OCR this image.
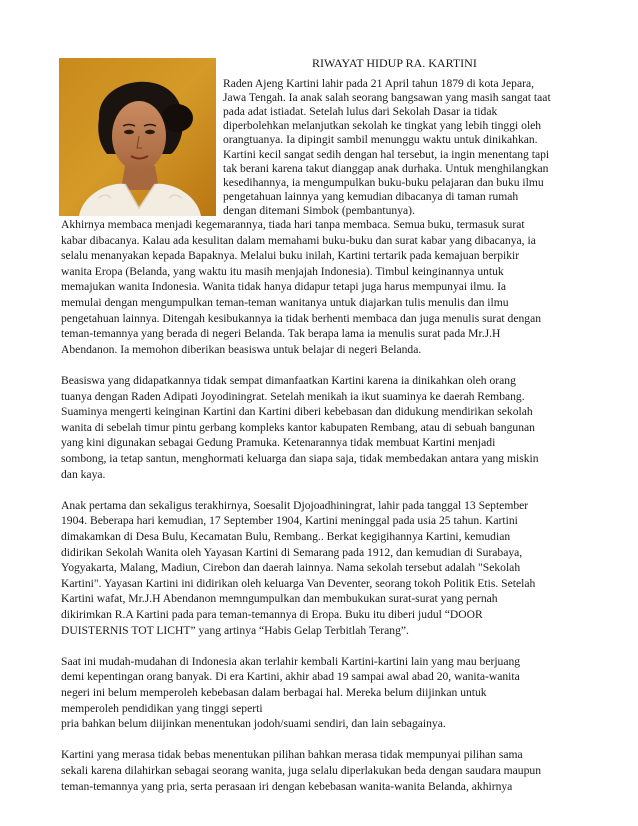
RIWAYAT HIDUP RA. KARTINI
Raden Ajeng Kartini lahir pada 21 April tahun 1879 di kota Jepara,
Jawa Tengah. Ia anak salah seorang bangsawan yang masih sangat taat
pada adat istiadat. Setelah lulus dari Sekolah Dasar ia tidak
diperbolehkan melanjutkan sekolah ke tingkat yang lebih tinggi oleh
orangtuanya. Ia dipingit sambil menunggu waktu untuk dinikahkan.
Kartini kecil sangat sedih dengan hal tersebut, ia ingin menentang tapi
tak berani karena takut dianggap anak durhaka. Untuk menghilangkan
kesedihannya, ia mengumpulkan buku-buku pelajaran dan buku ilmu
pengetahuan lainnya yang kemudian dibacanya di taman rumah
dengan ditemani Simbok (pembantunya).
Akhirnya membaca menjadi kegemarannya, tiada hari tanpa membaca. Semua buku, termasuk surat
kabar dibacanya. Kalau ada kesulitan dalam memahami buku-buku dan surat kabar yang dibacanya, ia
selalu menanyakan kepada Bapaknya. Melalui buku inilah, Kartini tertarik pada kemajuan berpikir
wanita Eropa (Belanda, yang waktu itu masih menjajah Indonesia). Timbul keinginannya untuk
memajukan wanita Indonesia. Wanita tidak hanya didapur tetapi juga harus mempunyai ilmu. Ia
memulai dengan mengumpulkan teman-teman wanitanya untuk diajarkan tulis menulis dan ilmu
pengetahuan lainnya. Ditengah kesibukannya ia tidak berhenti membaca dan juga menulis surat dengan
teman-temannya yang berada di negeri Belanda. Tak berapa lama ia menulis surat pada Mr.J.H
Abendanon. Ia memohon diberikan beasiswa untuk belajar di negeri Belanda.
Beasiswa yang didapatkannya tidak sempat dimanfaatkan Kartini karena ia dinikahkan oleh orang
tuanya dengan Raden Adipati Joyodiningrat. Setelah menikah ia ikut suaminya ke daerah Rembang.
Suaminya mengerti keinginan Kartini dan Kartini diberi kebebasan dan didukung mendirikan sekolah
wanita di sebelah timur pintu gerbang kompleks kantor kabupaten Rembang, atau di sebuah bangunan
yang kini digunakan sebagai Gedung Pramuka. Ketenarannya tidak membuat Kartini menjadi
sombong, ia tetap santun, menghormati keluarga dan siapa saja, tidak membedakan antara yang miskin
dan kaya.
Anak pertama dan sekaligus terakhirnya, Soesalit Djojoadhiningrat, lahir pada tanggal 13 September
1904. Beberapa hari kemudian, 17 September 1904, Kartini meninggal pada usia 25 tahun. Kartini
dimakamkan di Desa Bulu, Kecamatan Bulu, Rembang.. Berkat kegigihannya Kartini, kemudian
didirikan Sekolah Wanita oleh Yayasan Kartini di Semarang pada 1912, dan kemudian di Surabaya,
Yogyakarta, Malang, Madiun, Cirebon dan daerah lainnya. Nama sekolah tersebut adalah "Sekolah
Kartini". Yayasan Kartini ini didirikan oleh keluarga Van Deventer, seorang tokoh Politik Etis. Setelah
Kartini wafat, Mr.J.H Abendanon memngumpulkan dan membukukan surat-surat yang pernah
dikirimkan R.A Kartini pada para teman-temannya di Eropa. Buku itu diberi judul “DOOR
DUISTERNIS TOT LICHT” yang artinya “Habis Gelap Terbitlah Terang”.
Saat ini mudah-mudahan di Indonesia akan terlahir kembali Kartini-kartini lain yang mau berjuang
demi kepentingan orang banyak. Di era Kartini, akhir abad 19 sampai awal abad 20, wanita-wanita
negeri ini belum memperoleh kebebasan dalam berbagai hal. Mereka belum diijinkan untuk
memperoleh pendidikan yang tinggi seperti
pria bahkan belum diijinkan menentukan jodoh/suami sendiri, dan lain sebagainya.
Kartini yang merasa tidak bebas menentukan pilihan bahkan merasa tidak mempunyai pilihan sama
sekali karena dilahirkan sebagai seorang wanita, juga selalu diperlakukan beda dengan saudara maupun
teman-temannya yang pria, serta perasaan iri dengan kebebasan wanita-wanita Belanda, akhirnya
